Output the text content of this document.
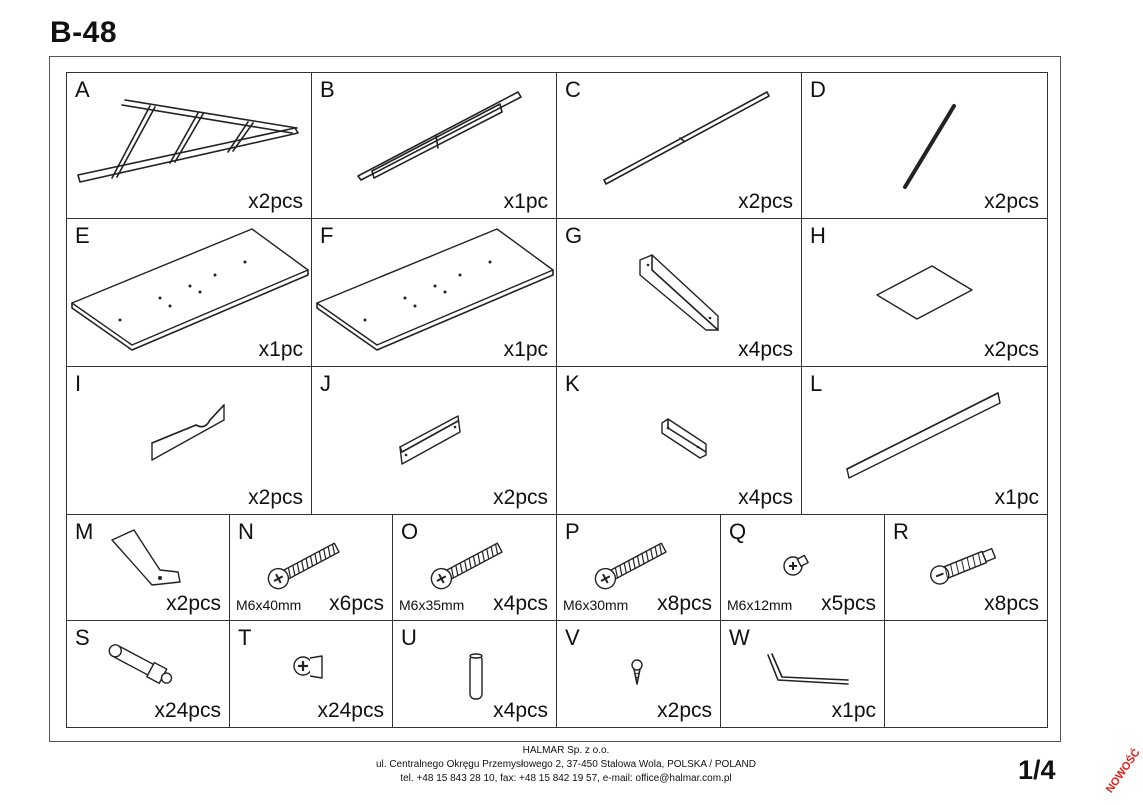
B-48
A
x2pcs
B
x1pc
C
x2pcs
D
x2pcs
E
x1pc
F
x1pc
G
x4pcs
H
x2pcs
I
x2pcs
J
x2pcs
K
x4pcs
L
x1pc
M
x2pcs
N
M6x40mm x6pcs
O
M6x35mm x4pcs
P
M6x30mm x8pcs
Q
M6x12mm x5pcs
R
x8pcs
S
x24pcs
T
x24pcs
U
x4pcs
V
x2pcs
W
x1pc
HALMAR Sp. z o.o.
ul. Centralnego Okręgu Przemysłowego 2, 37-450 Stalowa Wola, POLSKA / POLAND
tel. +48 15 843 28 10, fax: +48 15 842 19 57, e-mail: office@halmar.com.pl	1/4	NOWOŚĆ
